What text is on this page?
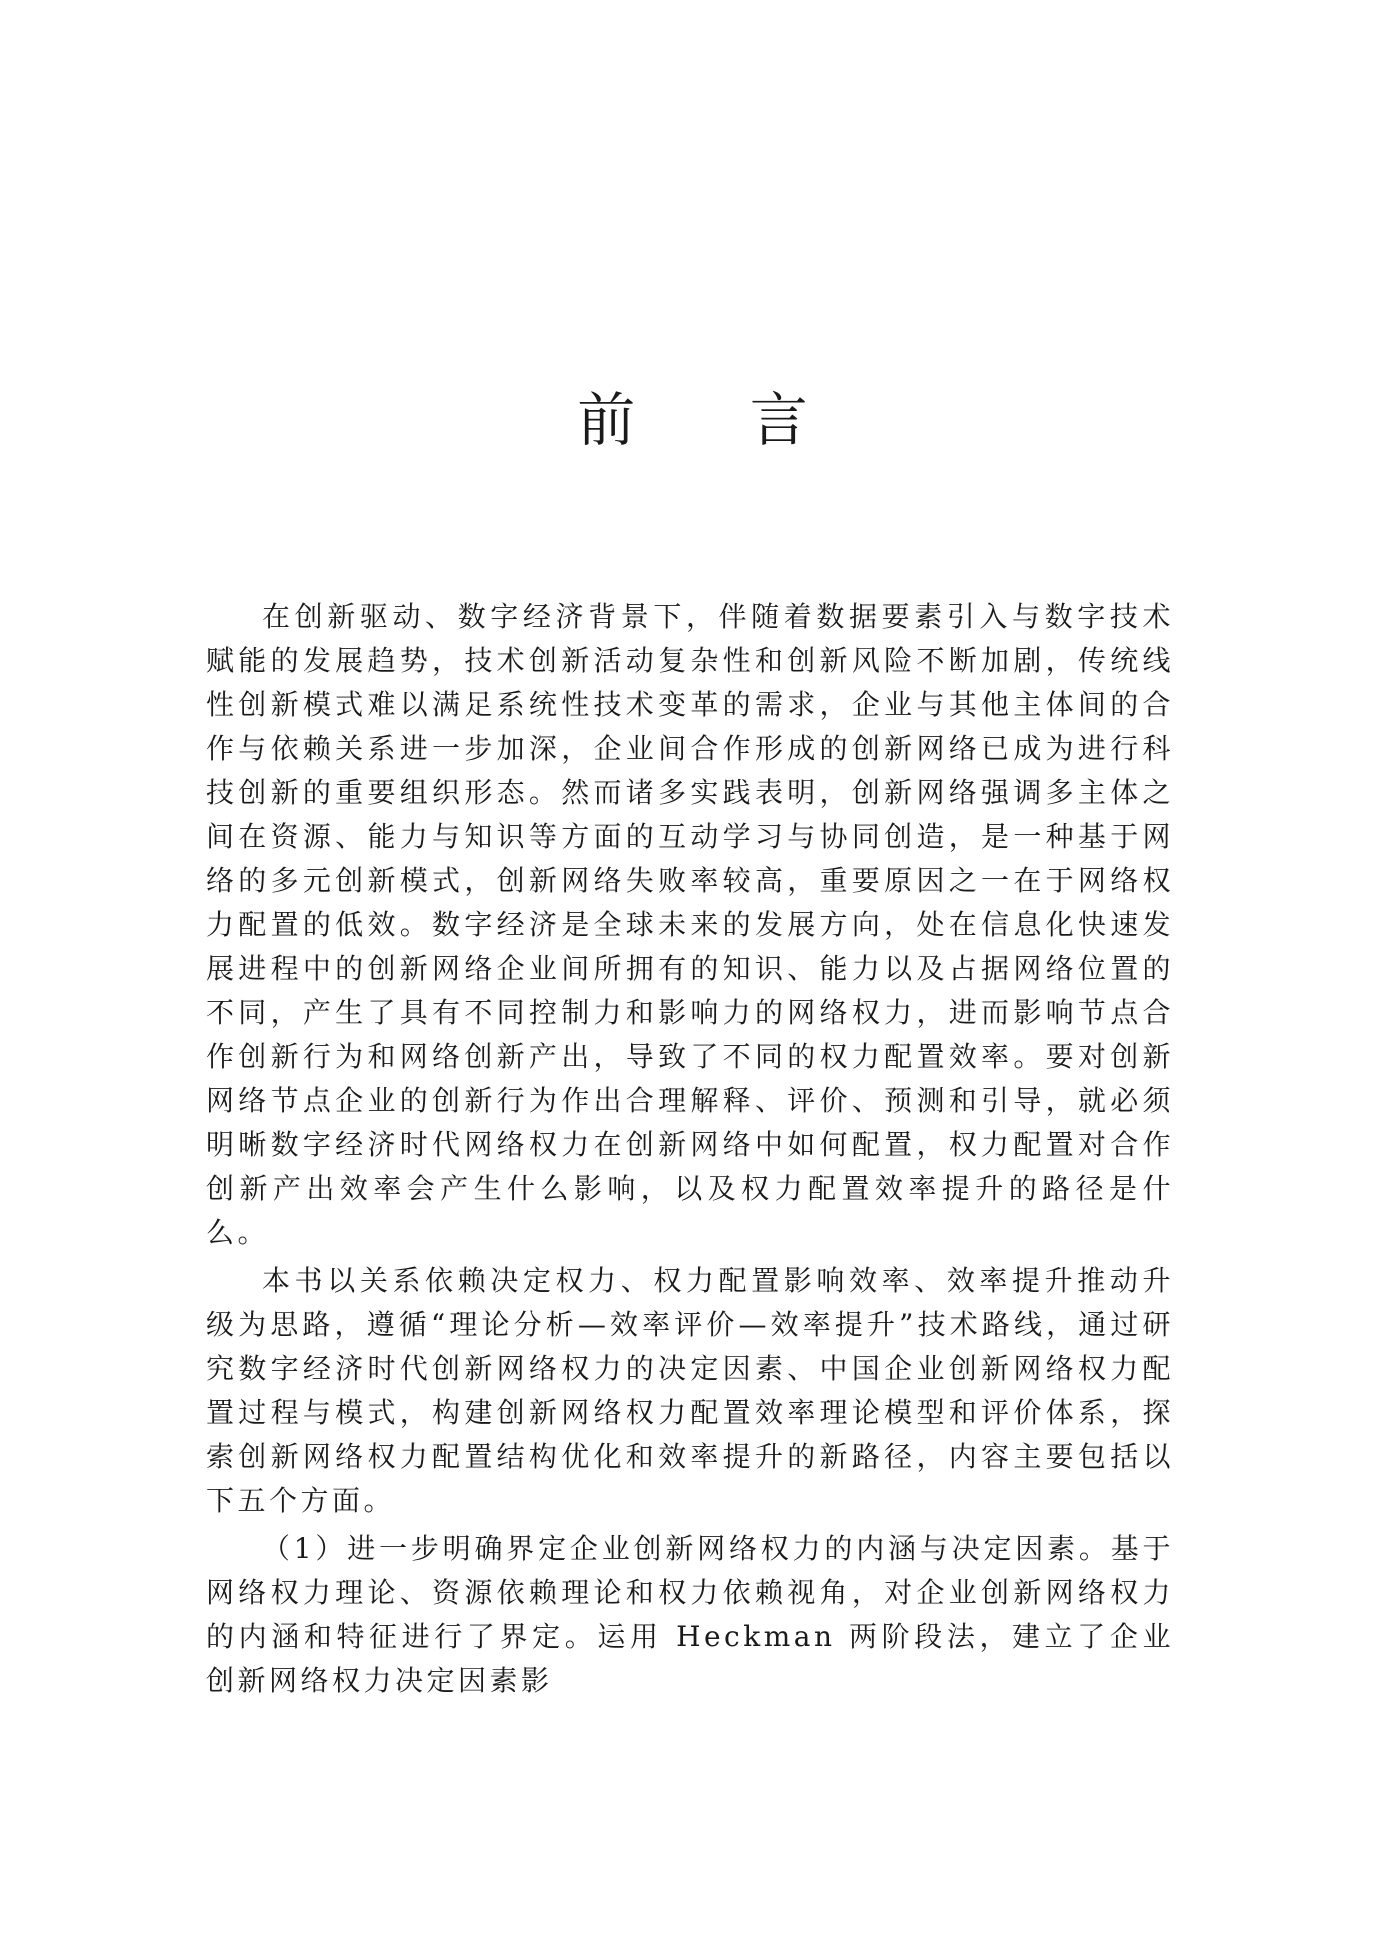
前 言

在创新驱动、数字经济背景下，伴随着数据要素引入与数字技术赋能的发展趋势，技术创新活动复杂性和创新风险不断加剧，传统线性创新模式难以满足系统性技术变革的需求，企业与其他主体间的合作与依赖关系进一步加深，企业间合作形成的创新网络已成为进行科技创新的重要组织形态。然而诸多实践表明，创新网络强调多主体之间在资源、能力与知识等方面的互动学习与协同创造，是一种基于网络的多元创新模式，创新网络失败率较高，重要原因之一在于网络权力配置的低效。数字经济是全球未来的发展方向，处在信息化快速发展进程中的创新网络企业间所拥有的知识、能力以及占据网络位置的不同，产生了具有不同控制力和影响力的网络权力，进而影响节点合作创新行为和网络创新产出，导致了不同的权力配置效率。要对创新网络节点企业的创新行为作出合理解释、评价、预测和引导，就必须明晰数字经济时代网络权力在创新网络中如何配置，权力配置对合作创新产出效率会产生什么影响，以及权力配置效率提升的路径是什么。

本书以关系依赖决定权力、权力配置影响效率、效率提升推动升级为思路，遵循“理论分析—效率评价—效率提升”技术路线，通过研究数字经济时代创新网络权力的决定因素、中国企业创新网络权力配置过程与模式，构建创新网络权力配置效率理论模型和评价体系，探索创新网络权力配置结构优化和效率提升的新路径，内容主要包括以下五个方面。

（1）进一步明确界定企业创新网络权力的内涵与决定因素。基于网络权力理论、资源依赖理论和权力依赖视角，对企业创新网络权力的内涵和特征进行了界定。运用 Heckman 两阶段法，建立了企业创新网络权力决定因素影
